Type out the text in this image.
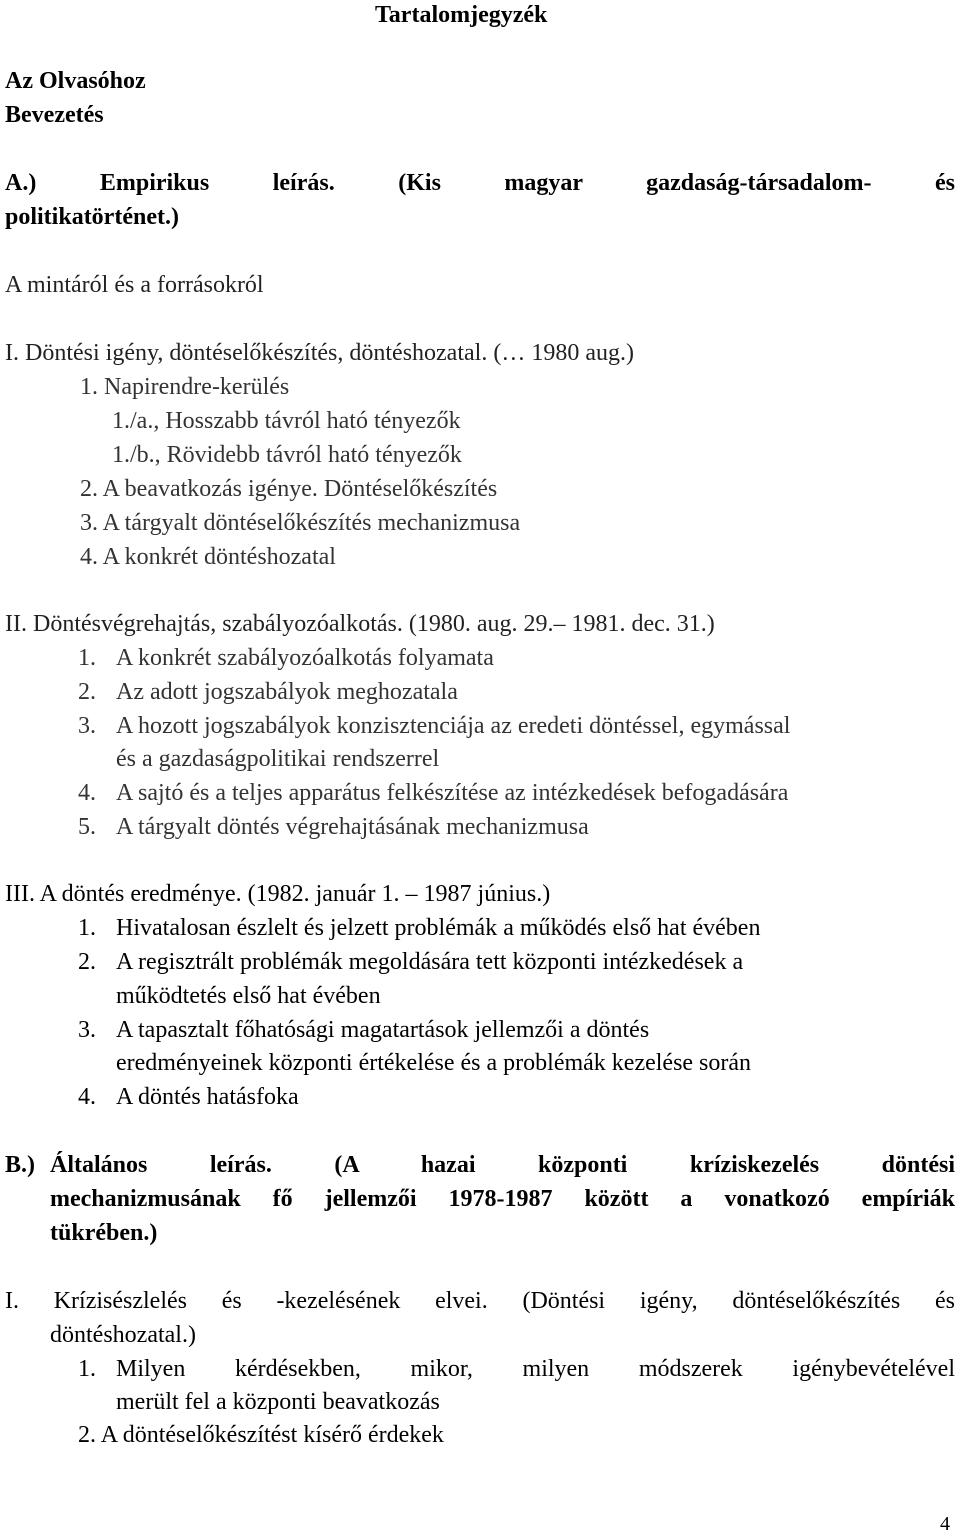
Tartalomjegyzék
Az Olvasóhoz
Bevezetés
A.) Empirikus leírás. (Kis magyar gazdaság-társadalom- és
politikatörténet.)
A mintáról és a forrásokról
I. Döntési igény, döntéselőkészítés, döntéshozatal. (… 1980 aug.)
1. Napirendre-kerülés
1./a., Hosszabb távról ható tényezők
1./b., Rövidebb távról ható tényezők
2. A beavatkozás igénye. Döntéselőkészítés
3. A tárgyalt döntéselőkészítés mechanizmusa
4. A konkrét döntéshozatal
II. Döntésvégrehajtás, szabályozóalkotás. (1980. aug. 29.– 1981. dec. 31.)
1. A konkrét szabályozóalkotás folyamata
2. Az adott jogszabályok meghozatala
3. A hozott jogszabályok konzisztenciája az eredeti döntéssel, egymással
és a gazdaságpolitikai rendszerrel
4. A sajtó és a teljes apparátus felkészítése az intézkedések befogadására
5. A tárgyalt döntés végrehajtásának mechanizmusa
III. A döntés eredménye. (1982. január 1. – 1987 június.)
1. Hivatalosan észlelt és jelzett problémák a működés első hat évében
2. A regisztrált problémák megoldására tett központi intézkedések a
működtetés első hat évében
3. A tapasztalt főhatósági magatartások jellemzői a döntés
eredményeinek központi értékelése és a problémák kezelése során
4. A döntés hatásfoka
B.) Általános leírás. (A hazai központi kríziskezelés döntési
mechanizmusának fő jellemzői 1978-1987 között a vonatkozó empíriák
tükrében.)
I. Krízisészlelés és -kezelésének elvei. (Döntési igény, döntéselőkészítés és
döntéshozatal.)
1. Milyen kérdésekben, mikor, milyen módszerek igénybevételével
merült fel a központi beavatkozás
2. A döntéselőkészítést kísérő érdekek
4
